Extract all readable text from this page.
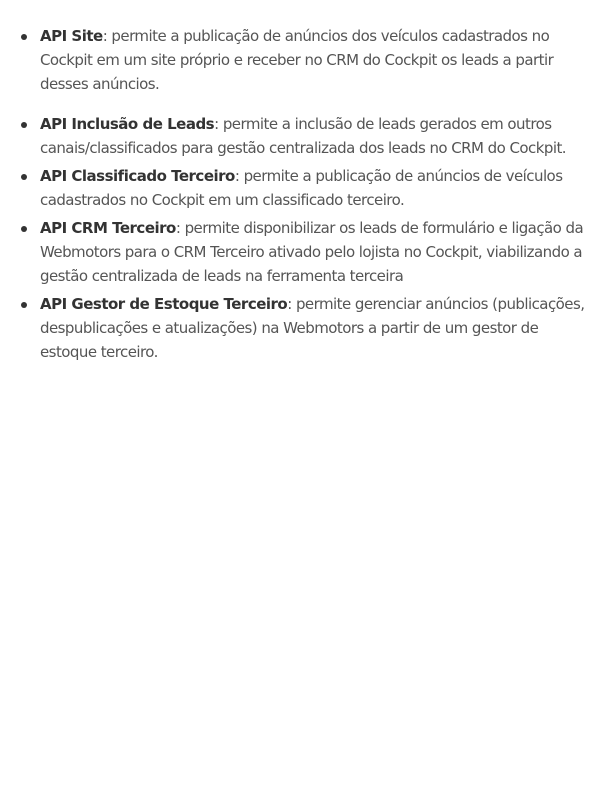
API Site: permite a publicação de anúncios dos veículos cadastrados no Cockpit em um site próprio e receber no CRM do Cockpit os leads a partir desses anúncios.
API Inclusão de Leads: permite a inclusão de leads gerados em outros canais/classificados para gestão centralizada dos leads no CRM do Cockpit.
API Classificado Terceiro: permite a publicação de anúncios de veículos cadastrados no Cockpit em um classificado terceiro.
API CRM Terceiro: permite disponibilizar os leads de formulário e ligação da Webmotors para o CRM Terceiro ativado pelo lojista no Cockpit, viabilizando a gestão centralizada de leads na ferramenta terceira
API Gestor de Estoque Terceiro: permite gerenciar anúncios (publicações, despublicações e atualizações) na Webmotors a partir de um gestor de estoque terceiro.
